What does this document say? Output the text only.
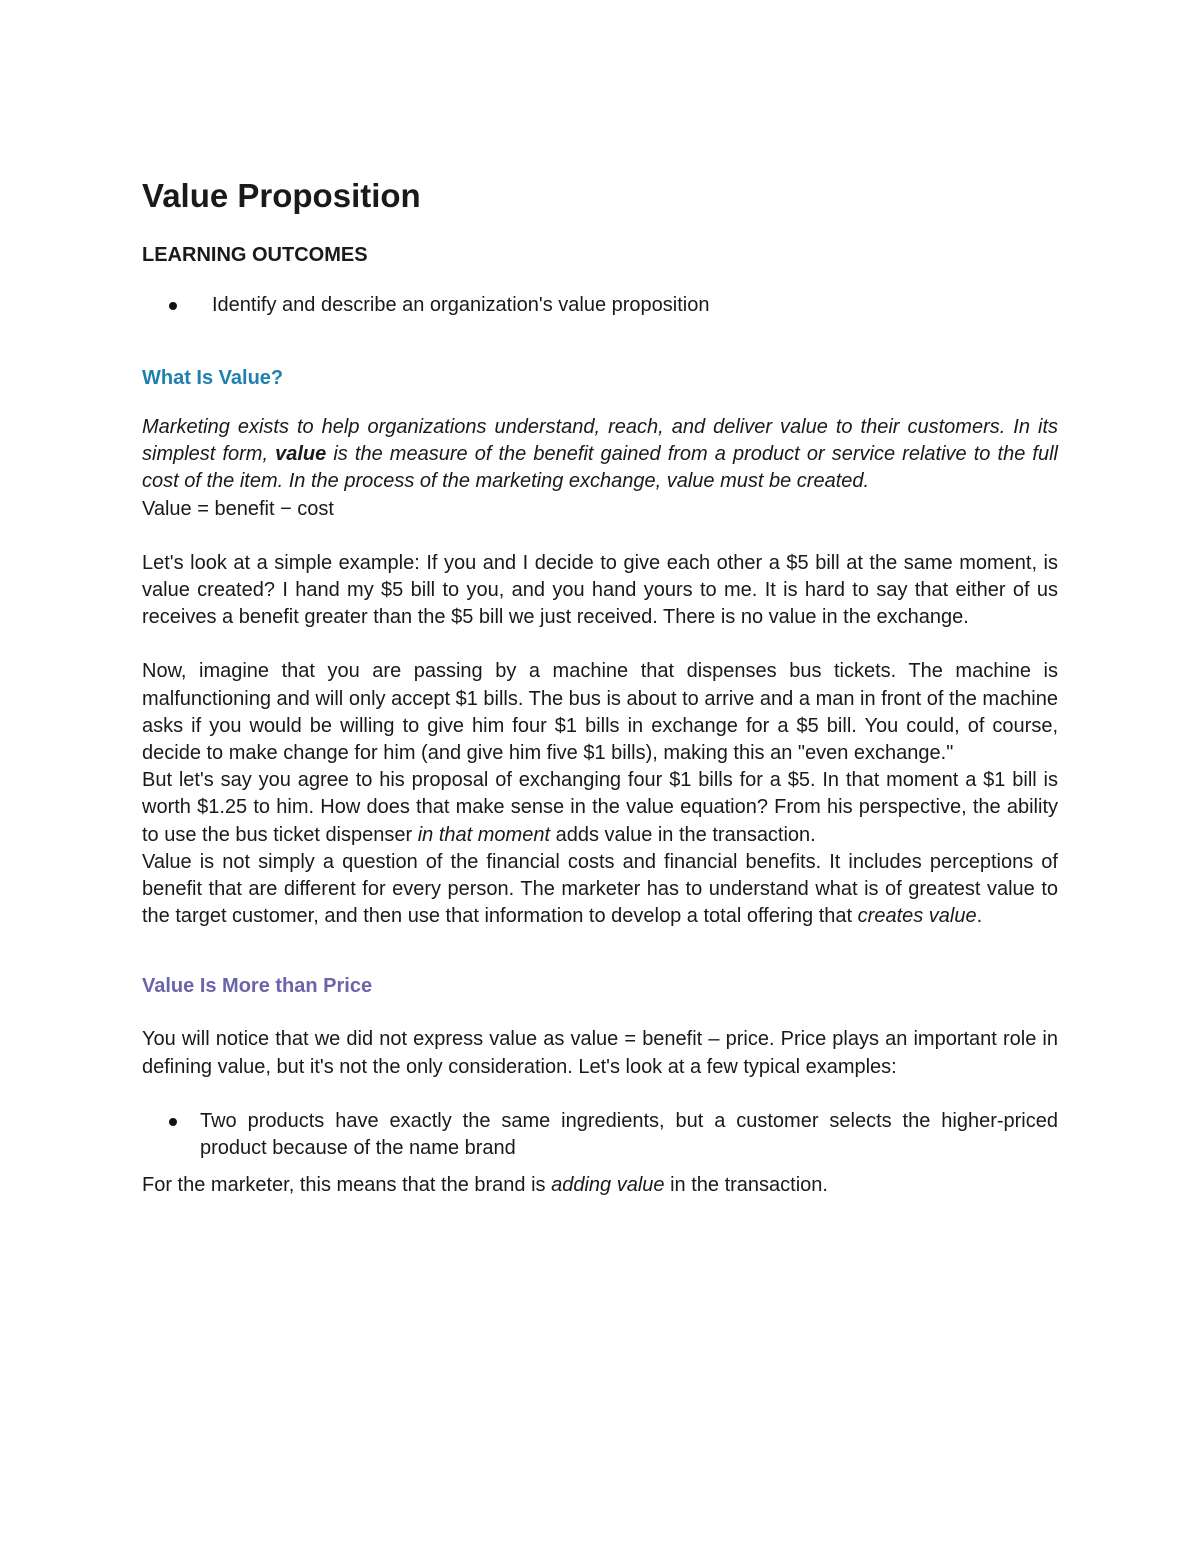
Value Proposition
LEARNING OUTCOMES
Identify and describe an organization's value proposition
What Is Value?

Marketing exists to help organizations understand, reach, and deliver value to their customers. In its simplest form, value is the measure of the benefit gained from a product or service relative to the full cost of the item. In the process of the marketing exchange, value must be created.

Value = benefit − cost

Let's look at a simple example: If you and I decide to give each other a $5 bill at the same moment, is value created? I hand my $5 bill to you, and you hand yours to me. It is hard to say that either of us receives a benefit greater than the $5 bill we just received. There is no value in the exchange.

Now, imagine that you are passing by a machine that dispenses bus tickets. The machine is malfunctioning and will only accept $1 bills. The bus is about to arrive and a man in front of the machine asks if you would be willing to give him four $1 bills in exchange for a $5 bill. You could, of course, decide to make change for him (and give him five $1 bills), making this an "even exchange."

But let's say you agree to his proposal of exchanging four $1 bills for a $5. In that moment a $1 bill is worth $1.25 to him. How does that make sense in the value equation? From his perspective, the ability to use the bus ticket dispenser in that moment adds value in the transaction.

Value is not simply a question of the financial costs and financial benefits. It includes perceptions of benefit that are different for every person. The marketer has to understand what is of greatest value to the target customer, and then use that information to develop a total offering that creates value.

Value Is More than Price

You will notice that we did not express value as value = benefit – price. Price plays an important role in defining value, but it's not the only consideration. Let's look at a few typical examples:

Two products have exactly the same ingredients, but a customer selects the higher-priced product because of the name brand

For the marketer, this means that the brand is adding value in the transaction.
